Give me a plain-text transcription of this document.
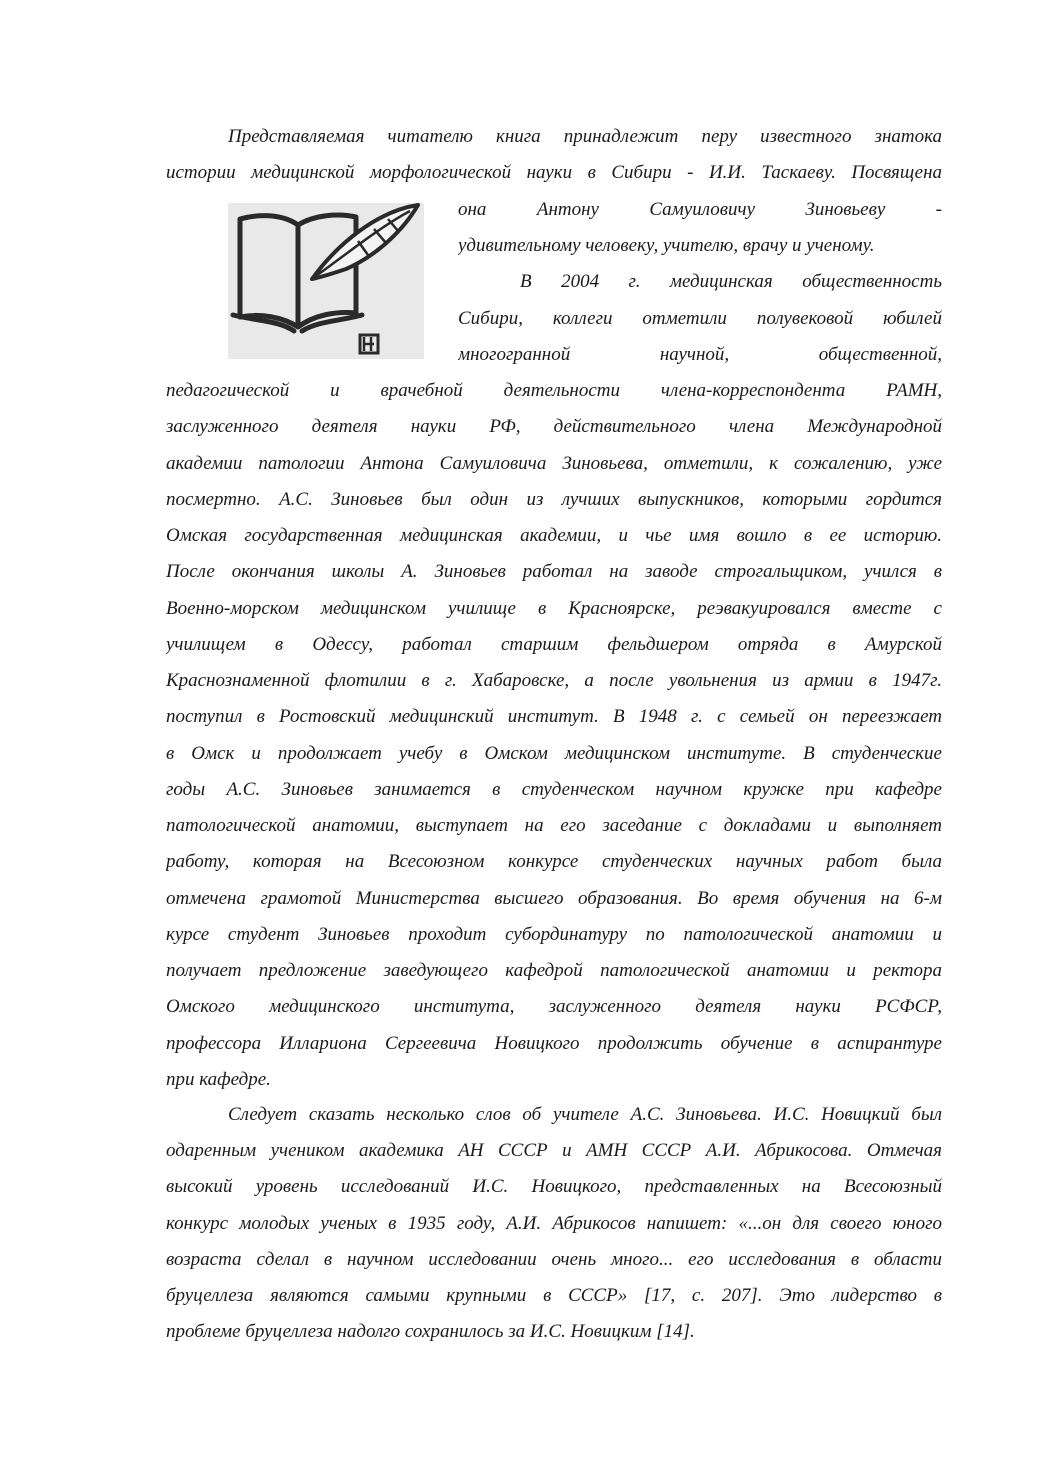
Представляемая читателю книга принадлежит перу известного знатока
истории медицинской морфологической науки в Сибири - И.И. Таскаеву. Посвящена
она Антону Самуиловичу Зиновьеву -
удивительному человеку, учителю, врачу и ученому.
В 2004 г. медицинская общественность
Сибири, коллеги отметили полувековой юбилей
многогранной научной, общественной,
педагогической и врачебной деятельности члена-корреспондента РАМН,
заслуженного деятеля науки РФ, действительного члена Международной
академии патологии Антона Самуиловича Зиновьева, отметили, к сожалению, уже
посмертно. А.С. Зиновьев был один из лучших выпускников, которыми гордится
Омская государственная медицинская академии, и чье имя вошло в ее историю.
После окончания школы А. Зиновьев работал на заводе строгальщиком, учился в
Военно-морском медицинском училище в Красноярске, реэвакуировался вместе с
училищем в Одессу, работал старшим фельдшером отряда в Амурской
Краснознаменной флотилии в г. Хабаровске, а после увольнения из армии в 1947г.
поступил в Ростовский медицинский институт. В 1948 г. с семьей он переезжает
в Омск и продолжает учебу в Омском медицинском институте. В студенческие
годы А.С. Зиновьев занимается в студенческом научном кружке при кафедре
патологической анатомии, выступает на его заседание с докладами и выполняет
работу, которая на Всесоюзном конкурсе студенческих научных работ была
отмечена грамотой Министерства высшего образования. Во время обучения на 6-м
курсе студент Зиновьев проходит субординатуру по патологической анатомии и
получает предложение заведующего кафедрой патологической анатомии и ректора
Омского медицинского института, заслуженного деятеля науки РСФСР,
профессора Иллариона Сергеевича Новицкого продолжить обучение в аспирантуре
при кафедре.
Следует сказать несколько слов об учителе А.С. Зиновьева. И.С. Новицкий был
одаренным учеником академика АН СССР и АМН СССР А.И. Абрикосова. Отмечая
высокий уровень исследований И.С. Новицкого, представленных на Всесоюзный
конкурс молодых ученых в 1935 году, А.И. Абрикосов напишет: «...он для своего юного
возраста сделал в научном исследовании очень много... его исследования в области
бруцеллеза являются самыми крупными в СССР» [17, с. 207]. Это лидерство в
проблеме бруцеллеза надолго сохранилось за И.С. Новицким [14].
